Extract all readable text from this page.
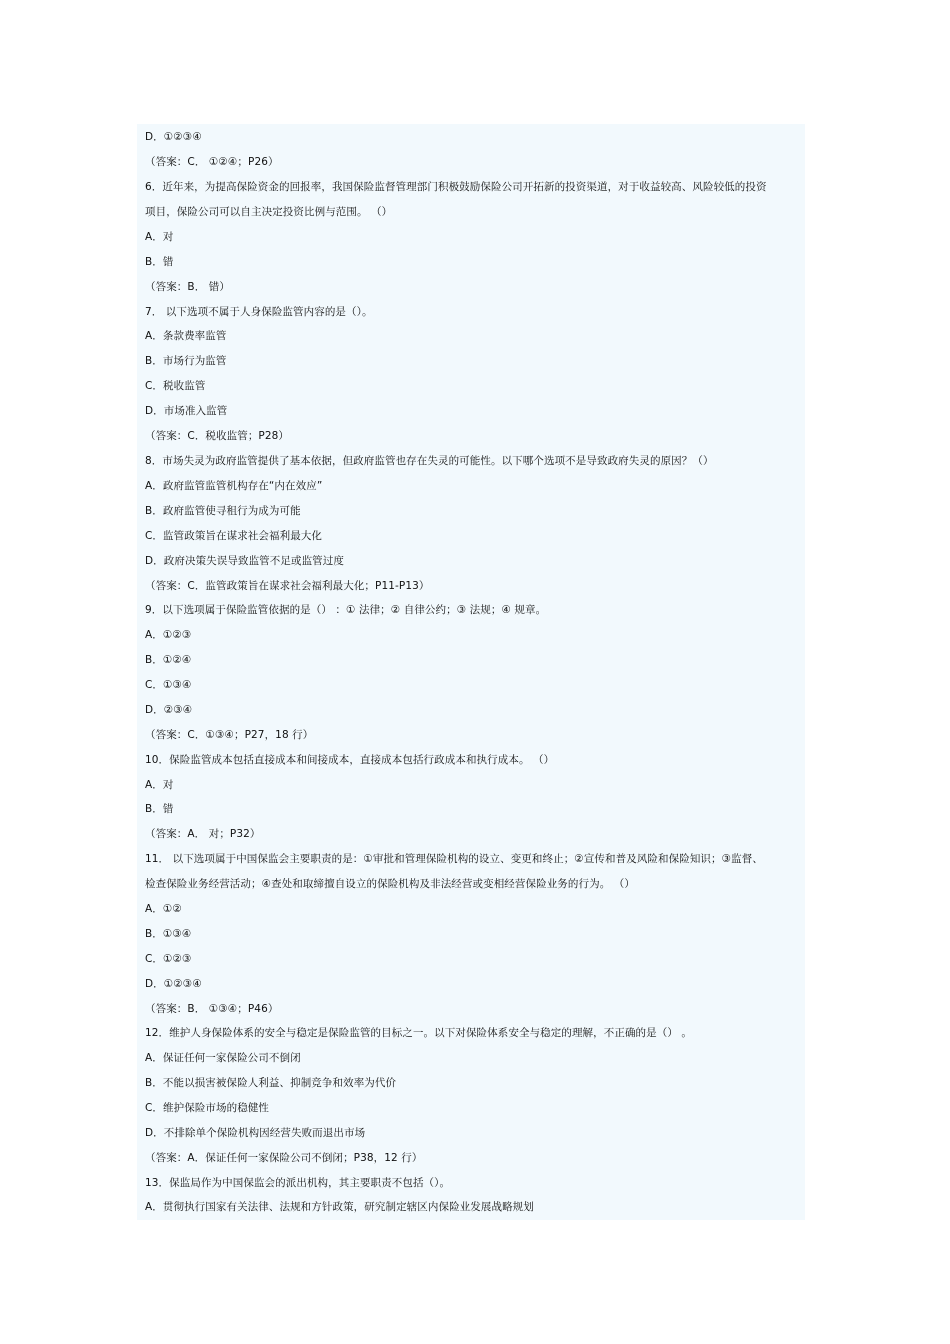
D．①②③④
（答案：C． ①②④；P26）
6．近年来，为提高保险资金的回报率，我国保险监督管理部门积极鼓励保险公司开拓新的投资渠道，对于收益较高、风险较低的投资
项目，保险公司可以自主决定投资比例与范围。 （）
A．对
B．错
（答案：B． 错）
7． 以下选项不属于人身保险监管内容的是（）。
A．条款费率监管
B．市场行为监管
C．税收监管
D．市场准入监管
（答案：C．税收监管；P28）
8．市场失灵为政府监管提供了基本依据，但政府监管也存在失灵的可能性。以下哪个选项不是导致政府失灵的原因？（）
A．政府监管监管机构存在“内在效应”
B．政府监管使寻租行为成为可能
C．监管政策旨在谋求社会福利最大化
D．政府决策失误导致监管不足或监管过度
（答案：C．监管政策旨在谋求社会福利最大化；P11-P13）
9．以下选项属于保险监管依据的是（） ：① 法律；② 自律公约；③ 法规；④ 规章。
A．①②③
B．①②④
C．①③④
D．②③④
（答案：C．①③④；P27，18 行）
10．保险监管成本包括直接成本和间接成本，直接成本包括行政成本和执行成本。 （）
A．对
B．错
（答案：A． 对；P32）
11． 以下选项属于中国保监会主要职责的是：①审批和管理保险机构的设立、变更和终止；②宣传和普及风险和保险知识；③监督、
检查保险业务经营活动；④查处和取缔擅自设立的保险机构及非法经营或变相经营保险业务的行为。 （）
A．①②
B．①③④
C．①②③
D．①②③④
（答案：B． ①③④；P46）
12．维护人身保险体系的安全与稳定是保险监管的目标之一。以下对保险体系安全与稳定的理解，不正确的是（） 。
A．保证任何一家保险公司不倒闭
B．不能以损害被保险人利益、抑制竞争和效率为代价
C．维护保险市场的稳健性
D．不排除单个保险机构因经营失败而退出市场
（答案：A．保证任何一家保险公司不倒闭；P38，12 行）
13．保监局作为中国保监会的派出机构，其主要职责不包括（）。
A．贯彻执行国家有关法律、法规和方针政策，研究制定辖区内保险业发展战略规划
